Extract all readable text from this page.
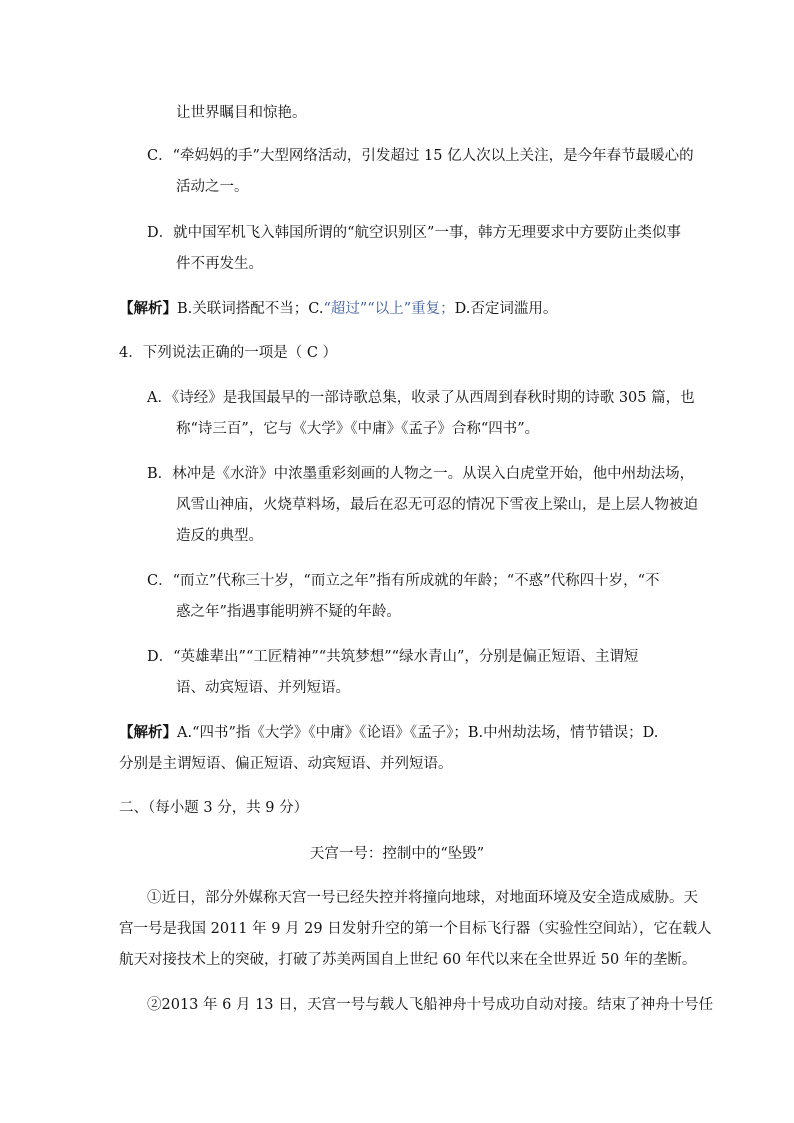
让世界瞩目和惊艳。
C．“牵妈妈的手”大型网络活动，引发超过 15 亿人次以上关注，是今年春节最暖心的
活动之一。
D．就中国军机飞入韩国所谓的“航空识别区”一事，韩方无理要求中方要防止类似事
件不再发生。
【解析】B.关联词搭配不当；C.“超过”“以上”重复；D.否定词滥用。
4．下列说法正确的一项是（ C ）
A．《诗经》是我国最早的一部诗歌总集，收录了从西周到春秋时期的诗歌 305 篇，也
称“诗三百”，它与《大学》《中庸》《孟子》合称“四书”。
B．林冲是《水浒》中浓墨重彩刻画的人物之一。从误入白虎堂开始，他中州劫法场，
风雪山神庙，火烧草料场，最后在忍无可忍的情况下雪夜上梁山，是上层人物被迫
造反的典型。
C．“而立”代称三十岁，“而立之年”指有所成就的年龄；“不惑”代称四十岁，“不
惑之年”指遇事能明辨不疑的年龄。
D．“英雄辈出”“工匠精神”“共筑梦想”“绿水青山”，分别是偏正短语、主谓短
语、动宾短语、并列短语。
【解析】A.“四书”指《大学》《中庸》《论语》《孟子》；B.中州劫法场，情节错误；D.
分别是主谓短语、偏正短语、动宾短语、并列短语。
二、（每小题 3 分，共 9 分）
天宫一号：控制中的“坠毁”
①近日，部分外媒称天宫一号已经失控并将撞向地球，对地面环境及安全造成威胁。天
宫一号是我国 2011 年 9 月 29 日发射升空的第一个目标飞行器（实验性空间站），它在载人
航天对接技术上的突破，打破了苏美两国自上世纪 60 年代以来在全世界近 50 年的垄断。
②2013 年 6 月 13 日，天宫一号与载人飞船神舟十号成功自动对接。结束了神舟十号任
